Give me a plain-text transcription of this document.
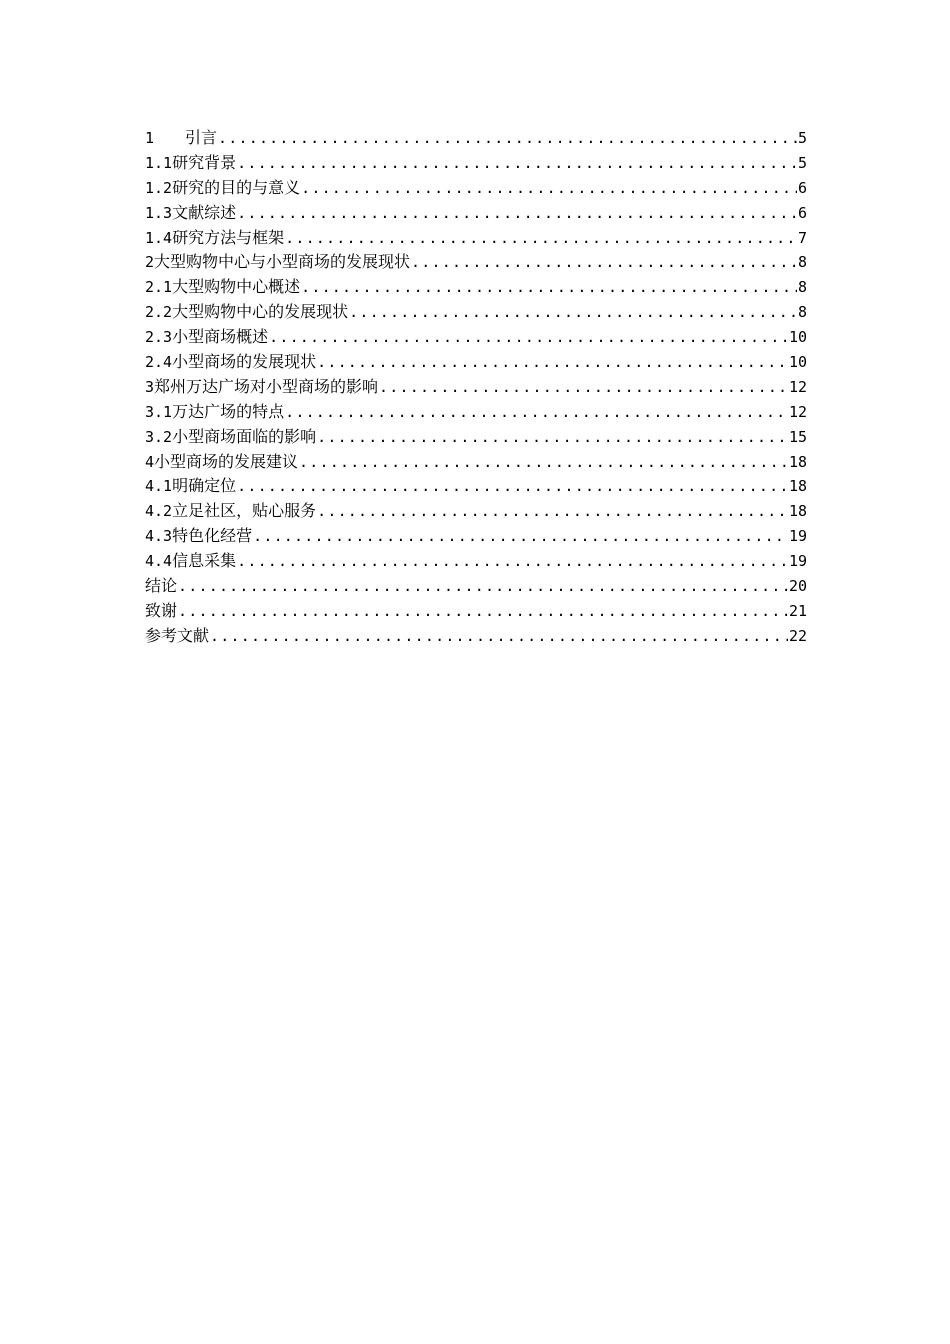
1	引言 .....	5
1.1 研究背景 .....	5
1.2 研究的目的与意义 .....	6
1.3 文献综述 .....	6
1.4 研究方法与框架 .....	7
2 大型购物中心与小型商场的发展现状 .....	8
2.1 大型购物中心概述 .....	8
2.2 大型购物中心的发展现状 .....	8
2.3 小型商场概述 .....	10
2.4 小型商场的发展现状 .....	10
3 郑州万达广场对小型商场的影响 .....	12
3.1 万达广场的特点 .....	12
3.2 小型商场面临的影响 .....	15
4 小型商场的发展建议 .....	18
4.1 明确定位 .....	18
4.2 立足社区，贴心服务 .....	18
4.3 特色化经营 .....	19
4.4 信息采集 .....	19
结论 .....	20
致谢 .....	21
参考文献 .....	22
